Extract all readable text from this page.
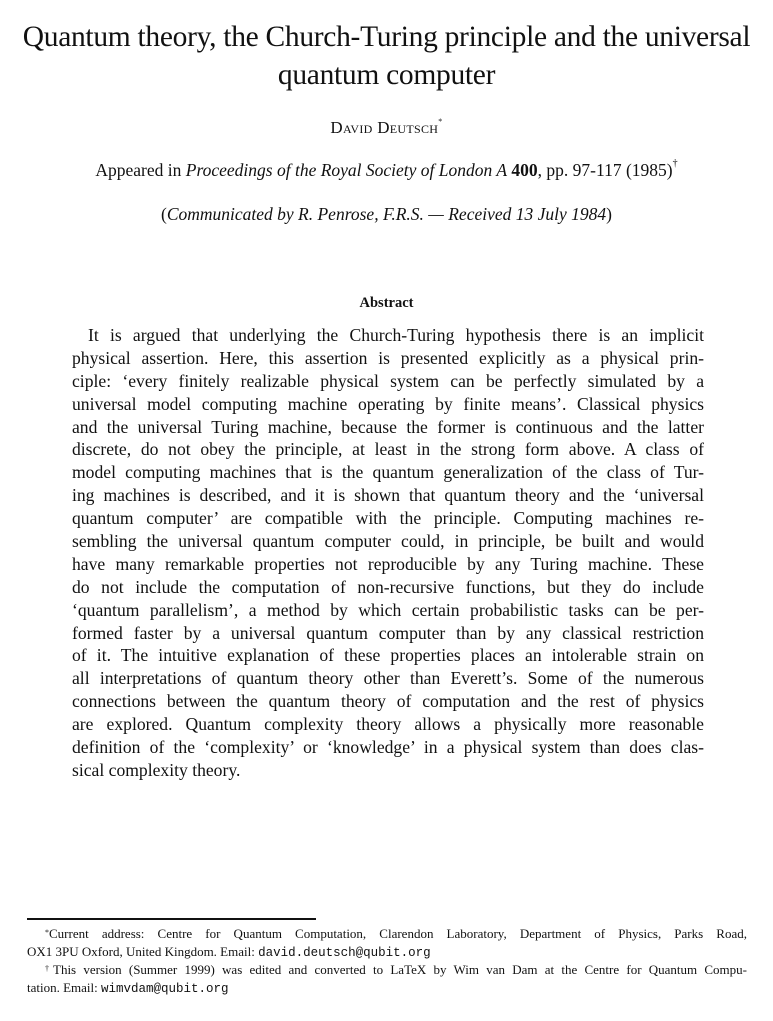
Quantum theory, the Church-Turing principle and the universal
quantum computer
David Deutsch*
Appeared in Proceedings of the Royal Society of London A 400, pp. 97-117 (1985)†
(Communicated by R. Penrose, F.R.S. — Received 13 July 1984)
Abstract
It is argued that underlying the Church-Turing hypothesis there is an implicit
physical assertion. Here, this assertion is presented explicitly as a physical prin-
ciple: ‘every finitely realizable physical system can be perfectly simulated by a
universal model computing machine operating by finite means’. Classical physics
and the universal Turing machine, because the former is continuous and the latter
discrete, do not obey the principle, at least in the strong form above. A class of
model computing machines that is the quantum generalization of the class of Tur-
ing machines is described, and it is shown that quantum theory and the ‘universal
quantum computer’ are compatible with the principle. Computing machines re-
sembling the universal quantum computer could, in principle, be built and would
have many remarkable properties not reproducible by any Turing machine. These
do not include the computation of non-recursive functions, but they do include
‘quantum parallelism’, a method by which certain probabilistic tasks can be per-
formed faster by a universal quantum computer than by any classical restriction
of it. The intuitive explanation of these properties places an intolerable strain on
all interpretations of quantum theory other than Everett’s. Some of the numerous
connections between the quantum theory of computation and the rest of physics
are explored. Quantum complexity theory allows a physically more reasonable
definition of the ‘complexity’ or ‘knowledge’ in a physical system than does clas-
sical complexity theory.
*Current address: Centre for Quantum Computation, Clarendon Laboratory, Department of Physics, Parks Road,
OX1 3PU Oxford, United Kingdom. Email: david.deutsch@qubit.org
†This version (Summer 1999) was edited and converted to LaTeX by Wim van Dam at the Centre for Quantum Compu-
tation. Email: wimvdam@qubit.org
